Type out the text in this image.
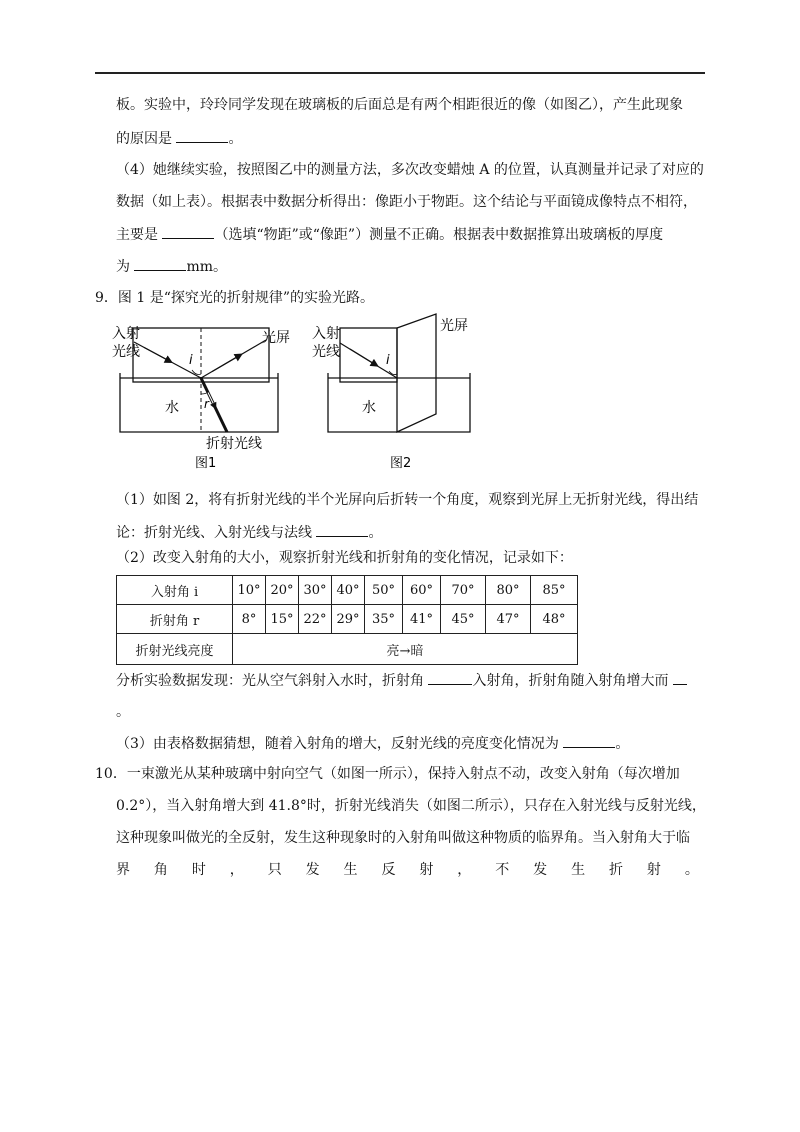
板。实验中，玲玲同学发现在玻璃板的后面总是有两个相距很近的像（如图乙），产生此现象
的原因是	。
（4）她继续实验，按照图乙中的测量方法，多次改变蜡烛 A 的位置，认真测量并记录了对应的
数据（如上表）。根据表中数据分析得出：像距小于物距。这个结论与平面镜成像特点不相符，
主要是	（选填“物距”或“像距”）测量不正确。根据表中数据推算出玻璃板的厚度
为	mm。
9．图 1 是“探究光的折射规律”的实验光路。
入射
光线
光屏
i
r
水
折射光线
图1
入射
光线
光屏
i
水
图2
（1）如图 2，将有折射光线的半个光屏向后折转一个角度，观察到光屏上无折射光线，得出结
论：折射光线、入射光线与法线	。
（2）改变入射角的大小，观察折射光线和折射角的变化情况，记录如下：
入射角 i	10°	20°	30°	40°	50°	60°	70°	80°	85°
折射角 r	8°	15°	22°	29°	35°	41°	45°	47°	48°
折射光线亮度	亮→暗								
分析实验数据发现：光从空气斜射入水时，折射角	入射角，折射角随入射角增大而
。
（3）由表格数据猜想，随着入射角的增大，反射光线的亮度变化情况为	。
10．一束激光从某种玻璃中射向空气（如图一所示），保持入射点不动，改变入射角（每次增加
0.2°），当入射角增大到 41.8°时，折射光线消失（如图二所示），只存在入射光线与反射光线，
这种现象叫做光的全反射，发生这种现象时的入射角叫做这种物质的临界角。当入射角大于临
界 角 时 ， 只 发 生 反 射 ， 不 发 生 折 射 。
